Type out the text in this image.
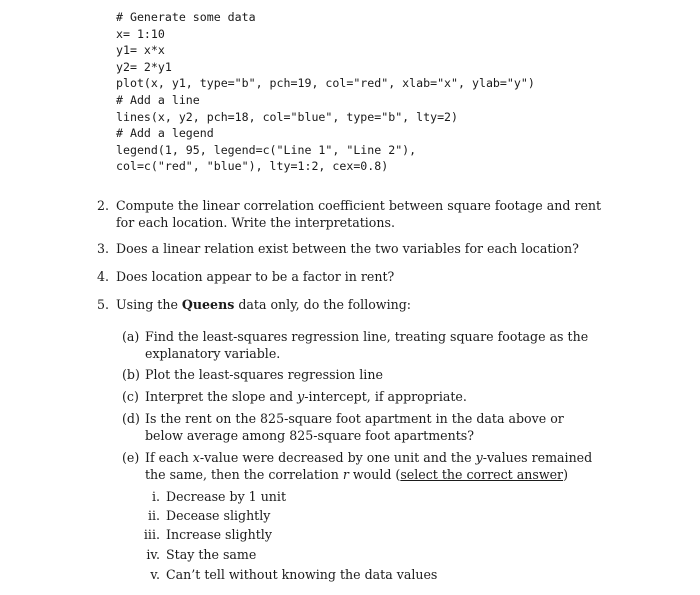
# Generate some data
x= 1:10
y1= x*x
y2= 2*y1
plot(x, y1, type="b", pch=19, col="red", xlab="x", ylab="y")
# Add a line
lines(x, y2, pch=18, col="blue", type="b", lty=2)
# Add a legend
legend(1, 95, legend=c("Line 1", "Line 2"),
col=c("red", "blue"), lty=1:2, cex=0.8)
2. Compute the linear correlation coefficient between square footage and rent for each location. Write the interpretations.
3. Does a linear relation exist between the two variables for each location?
4. Does location appear to be a factor in rent?
5. Using the Queens data only, do the following:
(a) Find the least-squares regression line, treating square footage as the explanatory variable.
(b) Plot the least-squares regression line
(c) Interpret the slope and y-intercept, if appropriate.
(d) Is the rent on the 825-square foot apartment in the data above or below average among 825-square foot apartments?
(e) If each x-value were decreased by one unit and the y-values remained the same, then the correlation r would (select the correct answer)
i. Decrease by 1 unit
ii. Decease slightly
iii. Increase slightly
iv. Stay the same
v. Can’t tell without knowing the data values
